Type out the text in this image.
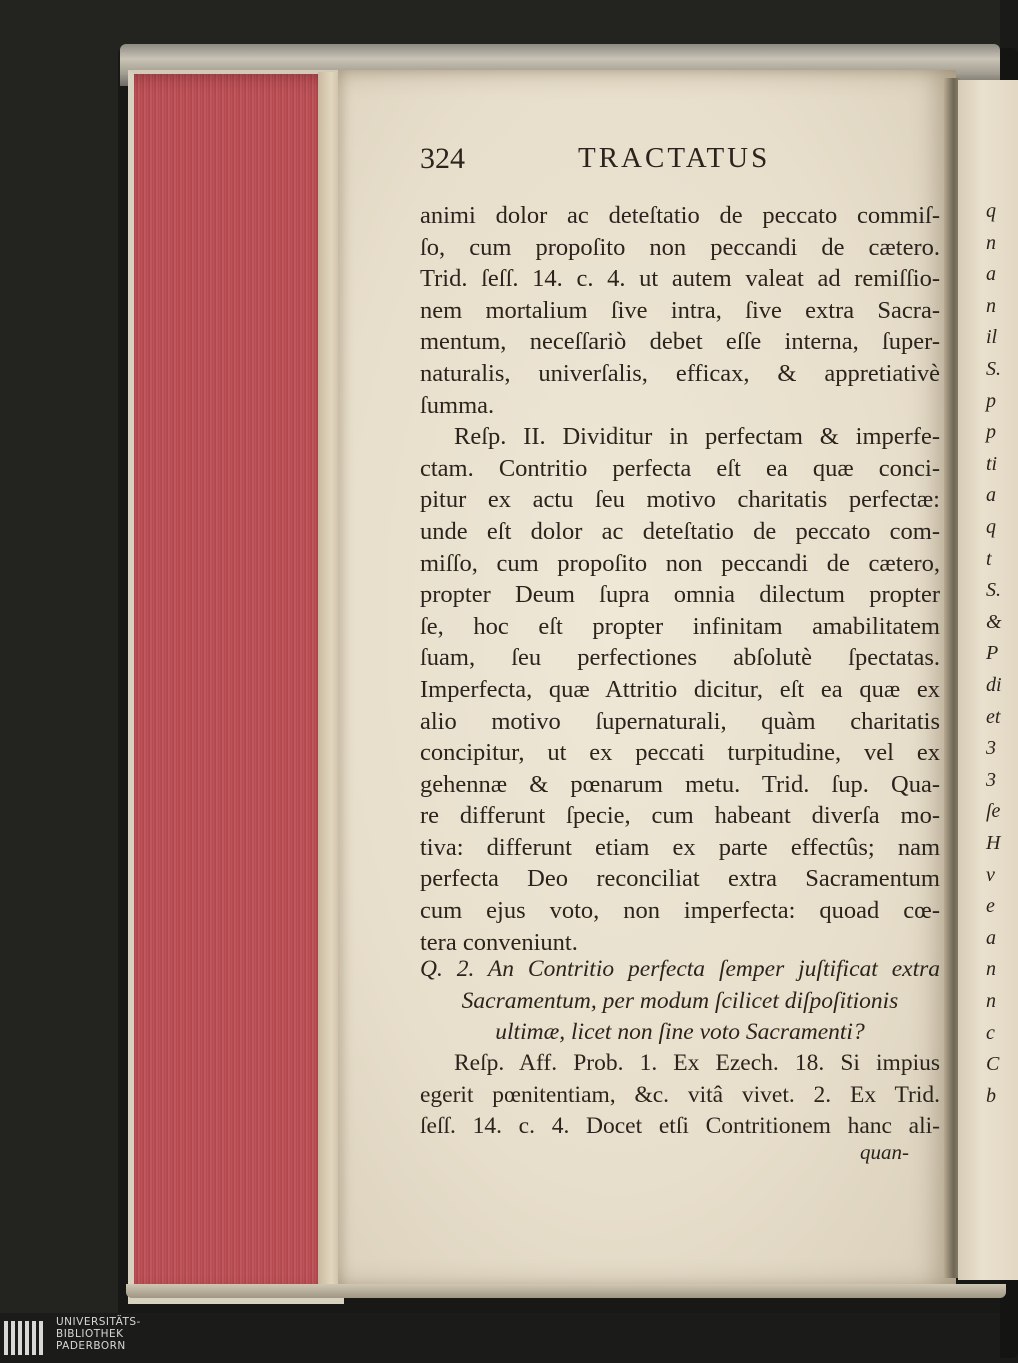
324	TRACTATUS
animi dolor ac deteſtatio de peccato commiſ-
ſo, cum propoſito non peccandi de cætero.
Trid. ſeſſ. 14. c. 4. ut autem valeat ad remiſſio-
nem mortalium ſive intra, ſive extra Sacra-
mentum, neceſſariò debet eſſe interna, ſuper-
naturalis, univerſalis, efficax, & appretiativè
ſumma.
Reſp. II. Dividitur in perfectam & imperfe-
ctam. Contritio perfecta eſt ea quæ conci-
pitur ex actu ſeu motivo charitatis perfectæ:
unde eſt dolor ac deteſtatio de peccato com-
miſſo, cum propoſito non peccandi de cætero,
propter Deum ſupra omnia dilectum propter
ſe, hoc eſt propter infinitam amabilitatem
ſuam, ſeu perfectiones abſolutè ſpectatas.
Imperfecta, quæ Attritio dicitur, eſt ea quæ ex
alio motivo ſupernaturali, quàm charitatis
concipitur, ut ex peccati turpitudine, vel ex
gehennæ & pœnarum metu. Trid. ſup. Qua-
re differunt ſpecie, cum habeant diverſa mo-
tiva: differunt etiam ex parte effectûs; nam
perfecta Deo reconciliat extra Sacramentum
cum ejus voto, non imperfecta: quoad cœ-
tera conveniunt.
Q. 2. An Contritio perfecta ſemper juſtificat extra
Sacramentum, per modum ſcilicet diſpoſitionis
ultimæ, licet non ſine voto Sacramenti?
Reſp. Aff. Prob. 1. Ex Ezech. 18. Si impius
egerit pœnitentiam, &c. vitâ vivet. 2. Ex Trid.
ſeſſ. 14. c. 4. Docet etſi Contritionem hanc ali-
quan-
q
n
a
n
il
S.
p
p
ti
a
q
t
S.
&
P
di
et
3
3
ſe
H
v
e
a
n
n
c
C
b
UNIVERSITÄTS-
BIBLIOTHEK
PADERBORN
